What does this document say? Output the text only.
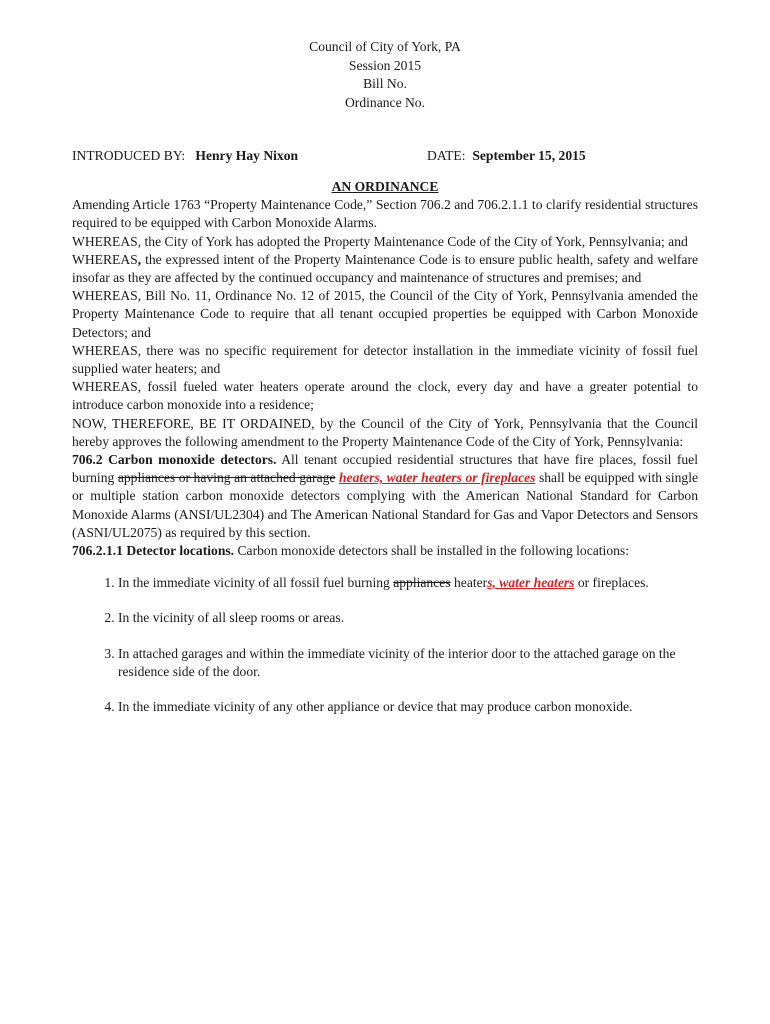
Council of City of York, PA
Session 2015
Bill No.
Ordinance No.
INTRODUCED BY: Henry Hay Nixon	DATE: September 15, 2015
AN ORDINANCE

Amending Article 1763 “Property Maintenance Code,” Section 706.2 and 706.2.1.1 to clarify residential structures required to be equipped with Carbon Monoxide Alarms.

WHEREAS, the City of York has adopted the Property Maintenance Code of the City of York, Pennsylvania; and

WHEREAS, the expressed intent of the Property Maintenance Code is to ensure public health, safety and welfare insofar as they are affected by the continued occupancy and maintenance of structures and premises; and

WHEREAS, Bill No. 11, Ordinance No. 12 of 2015, the Council of the City of York, Pennsylvania amended the Property Maintenance Code to require that all tenant occupied properties be equipped with Carbon Monoxide Detectors; and

WHEREAS, there was no specific requirement for detector installation in the immediate vicinity of fossil fuel supplied water heaters; and

WHEREAS, fossil fueled water heaters operate around the clock, every day and have a greater potential to introduce carbon monoxide into a residence;

NOW, THEREFORE, BE IT ORDAINED, by the Council of the City of York, Pennsylvania that the Council hereby approves the following amendment to the Property Maintenance Code of the City of York, Pennsylvania:

706.2 Carbon monoxide detectors. All tenant occupied residential structures that have fire places, fossil fuel burning appliances or having an attached garage heaters, water heaters or fireplaces shall be equipped with single or multiple station carbon monoxide detectors complying with the American National Standard for Carbon Monoxide Alarms (ANSI/UL2304) and The American National Standard for Gas and Vapor Detectors and Sensors (ASNI/UL2075) as required by this section.

706.2.1.1 Detector locations. Carbon monoxide detectors shall be installed in the following locations:

1. In the immediate vicinity of all fossil fuel burning appliances heaters, water heaters or fireplaces.
2. In the vicinity of all sleep rooms or areas.
3. In attached garages and within the immediate vicinity of the interior door to the attached garage on the residence side of the door.
4. In the immediate vicinity of any other appliance or device that may produce carbon monoxide.
